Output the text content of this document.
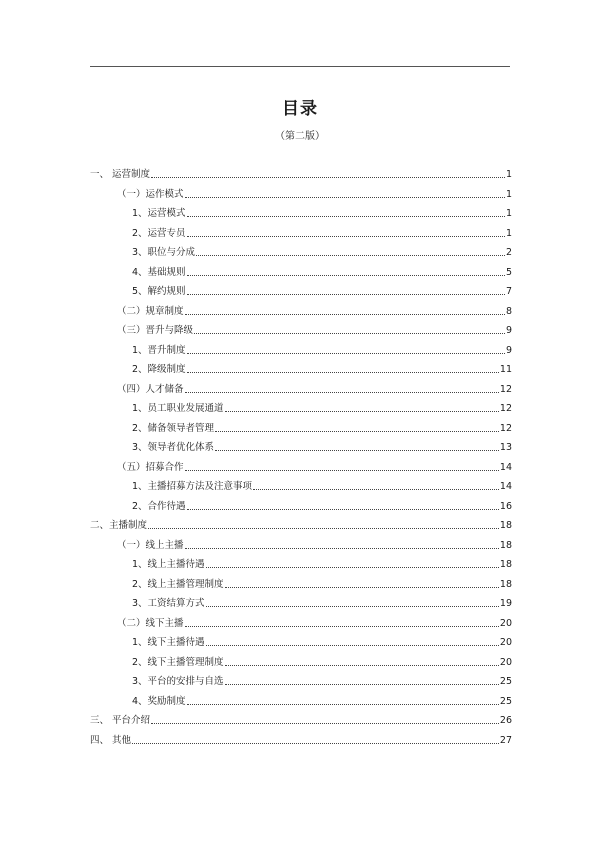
目录
（第二版）
一、 运营制度	1
（一）运作模式	1
1、运营模式	1
2、运营专员	1
3、职位与分成	2
4、基础规则	5
5、解约规则	7
（二）规章制度	8
（三）晋升与降级	9
1、晋升制度	9
2、降级制度	11
（四）人才储备	12
1、员工职业发展通道	12
2、储备领导者管理	12
3、领导者优化体系	13
（五）招募合作	14
1、主播招募方法及注意事项	14
2、合作待遇	16
二、主播制度	18
（一）线上主播	18
1、线上主播待遇	18
2、线上主播管理制度	18
3、工资结算方式	19
（二）线下主播	20
1、线下主播待遇	20
2、线下主播管理制度	20
3、平台的安排与自选	25
4、奖励制度	25
三、 平台介绍	26
四、 其他	27
